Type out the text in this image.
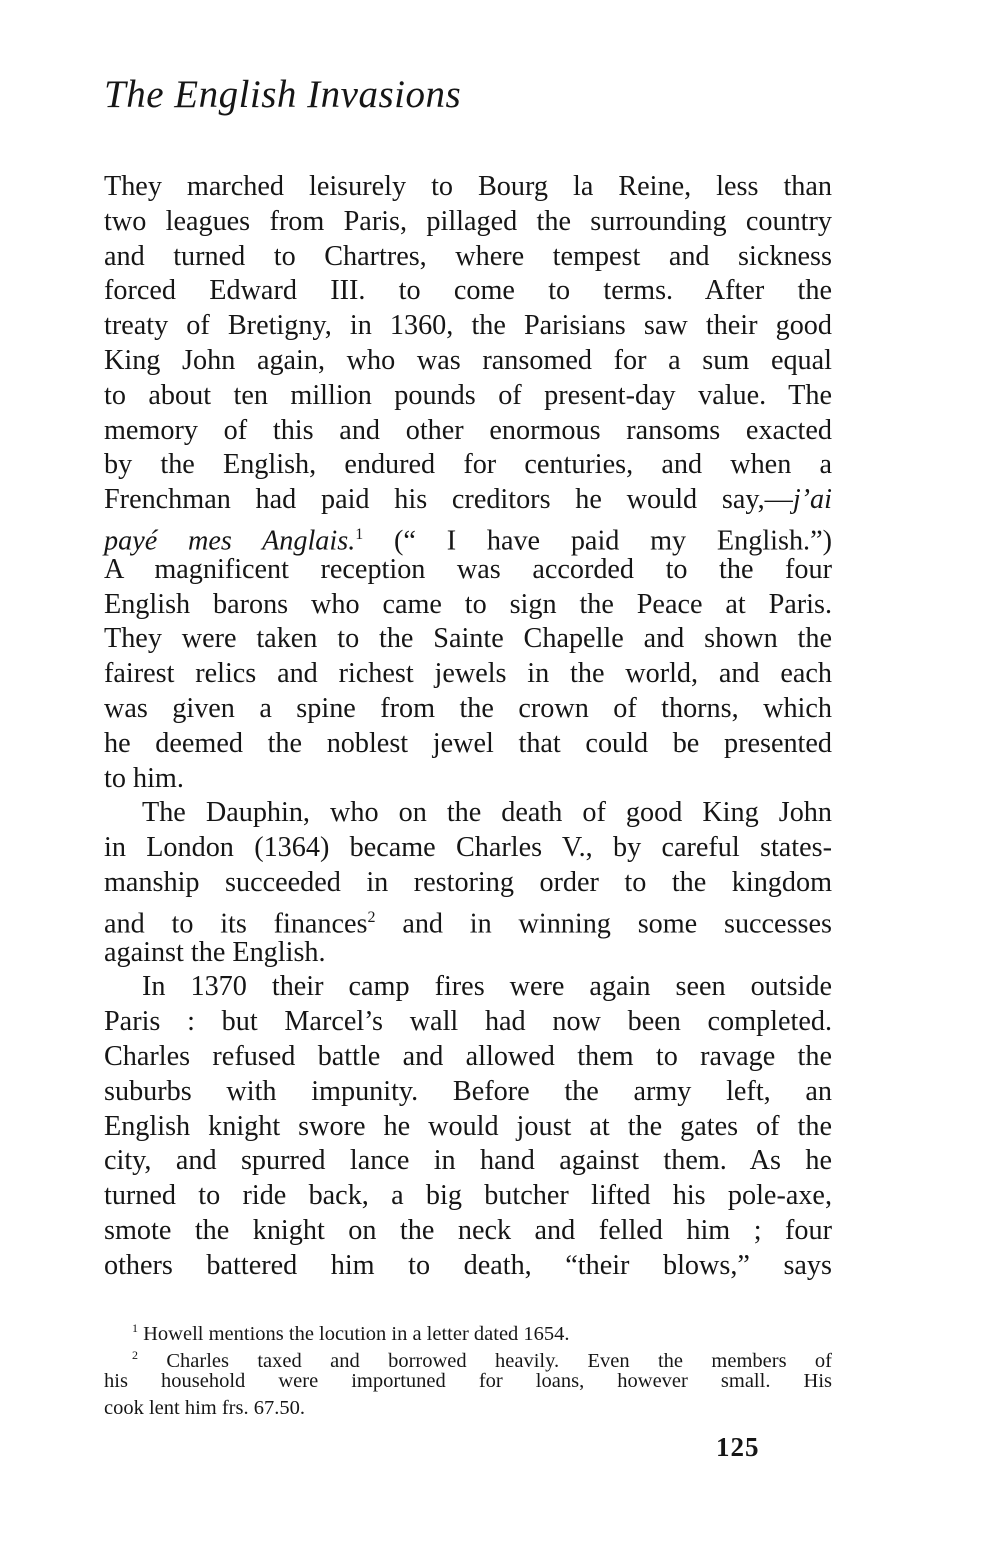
The English Invasions
They marched leisurely to Bourg la Reine, less than
two leagues from Paris, pillaged the surrounding country
and turned to Chartres, where tempest and sickness
forced Edward III. to come to terms. After the
treaty of Bretigny, in 1360, the Parisians saw their good
King John again, who was ransomed for a sum equal
to about ten million pounds of present-day value. The
memory of this and other enormous ransoms exacted
by the English, endured for centuries, and when a
Frenchman had paid his creditors he would say,—j’ai
payé mes Anglais.$^1$ (“ I have paid my English.”)
A magnificent reception was accorded to the four
English barons who came to sign the Peace at Paris.
They were taken to the Sainte Chapelle and shown the
fairest relics and richest jewels in the world, and each
was given a spine from the crown of thorns, which
he deemed the noblest jewel that could be presented
to him.
The Dauphin, who on the death of good King John
in London (1364) became Charles V., by careful states-
manship succeeded in restoring order to the kingdom
and to its finances$^2$ and in winning some successes
against the English.
In 1370 their camp fires were again seen outside
Paris : but Marcel’s wall had now been completed.
Charles refused battle and allowed them to ravage the
suburbs with impunity. Before the army left, an
English knight swore he would joust at the gates of the
city, and spurred lance in hand against them. As he
turned to ride back, a big butcher lifted his pole-axe,
smote the knight on the neck and felled him ; four
others battered him to death, “their blows,” says
$^1$ Howell mentions the locution in a letter dated 1654.
$^2$ Charles taxed and borrowed heavily. Even the members of
his household were importuned for loans, however small. His
cook lent him frs. 67.50.
125
